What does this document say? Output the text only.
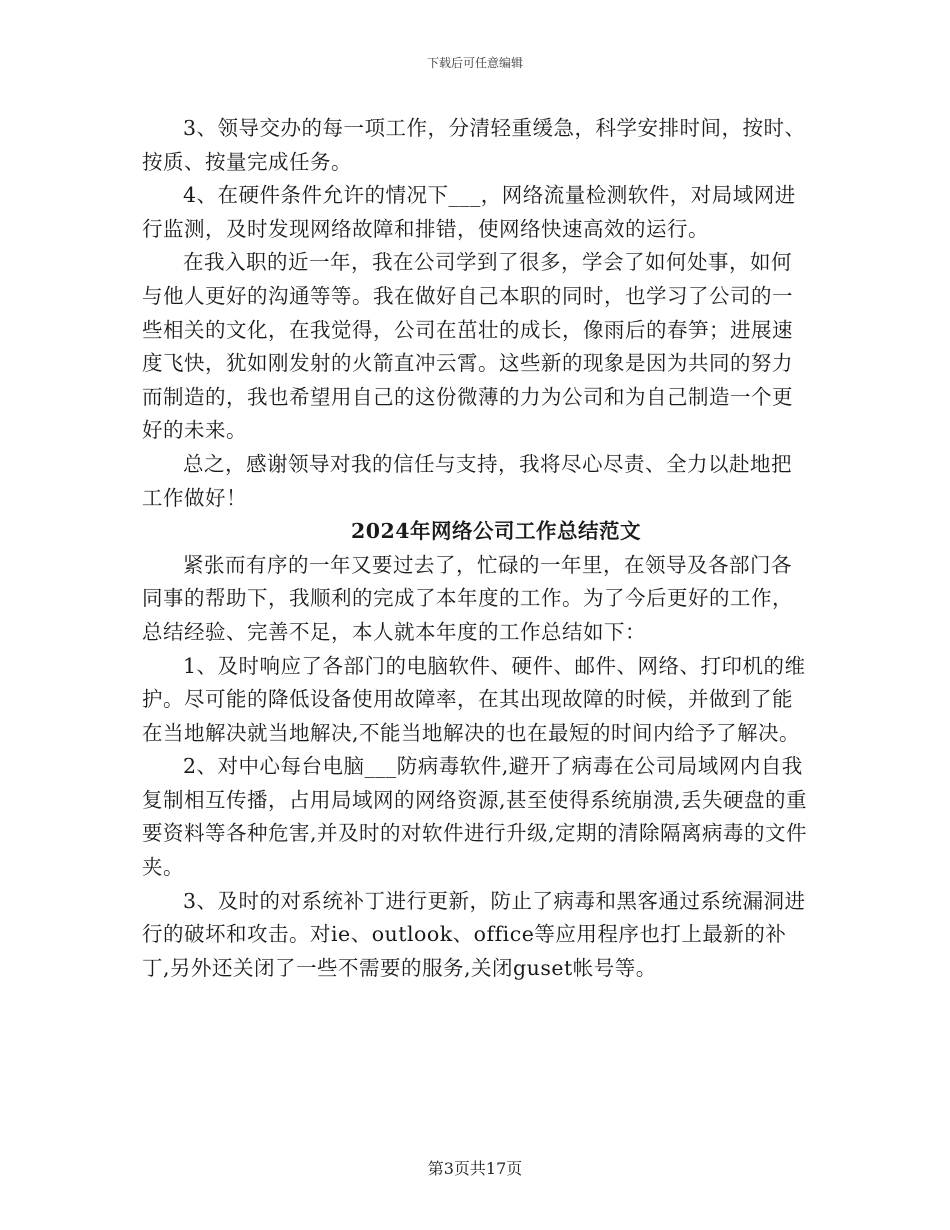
下载后可任意编辑

3、领导交办的每一项工作，分清轻重缓急，科学安排时间，按时、按质、按量完成任务。

4、在硬件条件允许的情况下___，网络流量检测软件，对局域网进行监测，及时发现网络故障和排错，使网络快速高效的运行。

在我入职的近一年，我在公司学到了很多，学会了如何处事，如何与他人更好的沟通等等。我在做好自己本职的同时，也学习了公司的一些相关的文化，在我觉得，公司在茁壮的成长，像雨后的春笋；进展速度飞快，犹如刚发射的火箭直冲云霄。这些新的现象是因为共同的努力而制造的，我也希望用自己的这份微薄的力为公司和为自己制造一个更好的未来。

总之，感谢领导对我的信任与支持，我将尽心尽责、全力以赴地把工作做好！

2024年网络公司工作总结范文

紧张而有序的一年又要过去了，忙碌的一年里，在领导及各部门各同事的帮助下，我顺利的完成了本年度的工作。为了今后更好的工作，总结经验、完善不足，本人就本年度的工作总结如下：

1、及时响应了各部门的电脑软件、硬件、邮件、网络、打印机的维护。尽可能的降低设备使用故障率，在其出现故障的时候，并做到了能在当地解决就当地解决,不能当地解决的也在最短的时间内给予了解决。

2、对中心每台电脑___防病毒软件,避开了病毒在公司局域网内自我复制相互传播，占用局域网的网络资源,甚至使得系统崩溃,丢失硬盘的重要资料等各种危害,并及时的对软件进行升级,定期的清除隔离病毒的文件夹。

3、及时的对系统补丁进行更新，防止了病毒和黑客通过系统漏洞进行的破坏和攻击。对ie、outlook、office等应用程序也打上最新的补丁,另外还关闭了一些不需要的服务,关闭guset帐号等。

第3页共17页
